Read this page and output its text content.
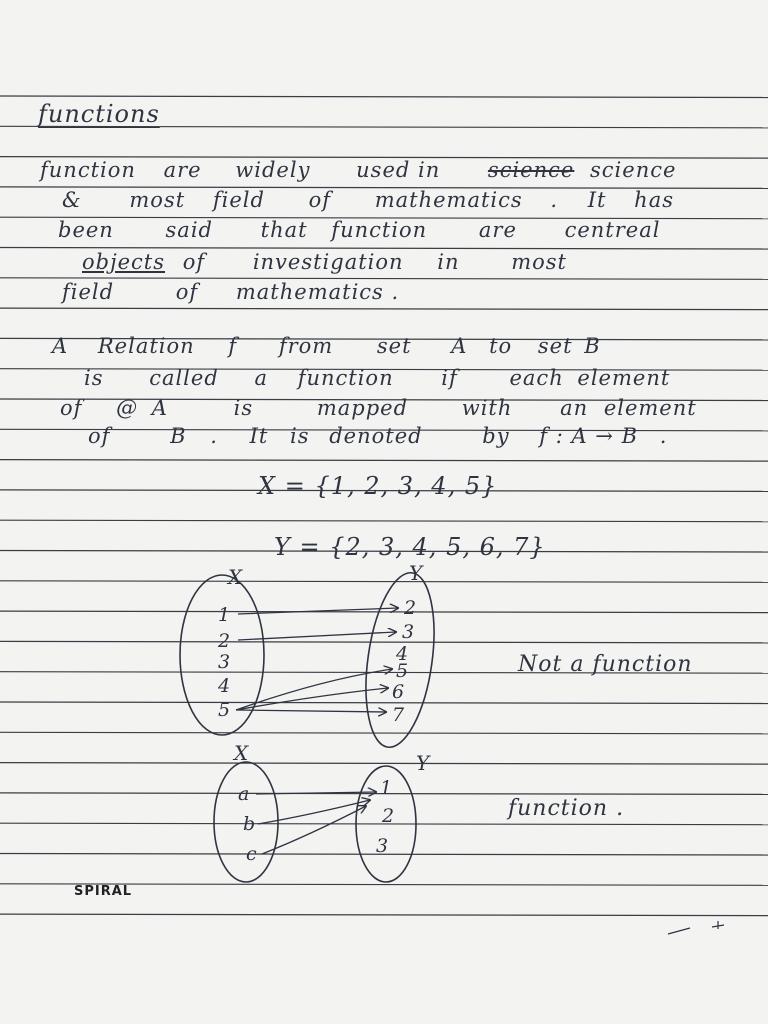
functions
function are widely used in science science
& most field of mathematics . It has
been said that function are centreal
objects of investigation in most
field	of mathematics .
A Relation f from set A to set B
is called a function if each element
of @ A	is	mapped	with an element
of	B . It is denoted	by f : A → B .
X = {1, 2, 3, 4, 5}
Y = {2, 3, 4, 5, 6, 7}
Not a function
function .
X	Y
1
2
3
4
5
2
3
4
5
6
7
X	Y
a
b
c
1
2
3
SPIRAL
